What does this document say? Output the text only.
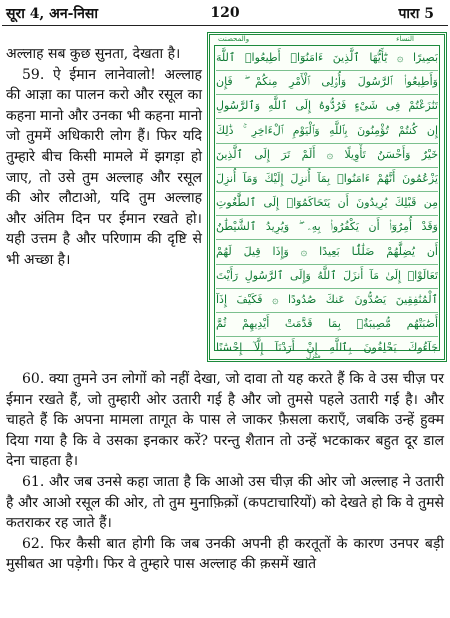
सूरा 4, अन-निसा	120	पारा 5

अल्लाह सब कुछ सुनता, देखता है।

59. ऐ ईमान लानेवालो! अल्लाह की आज्ञा का पालन करो और रसूल का कहना मानो और उनका भी कहना मानो जो तुममें अधिकारी लोग हैं। फिर यदि तुम्हारे बीच किसी मामले में झगड़ा हो जाए, तो उसे तुम अल्लाह और रसूल की ओर लौटाओ, यदि तुम अल्लाह और अंतिम दिन पर ईमान रखते हो। यही उत्तम है और परिणाम की दृष्टि से भी अच्छा है।

النساء
والمحصنت
منزل
بَصِيرًا ۞ يَٰٓأَيُّهَا ٱلَّذِينَ ءَامَنُوٓا۟ أَطِيعُوا۟ ٱللَّهَ
وَأَطِيعُوا۟ ٱلرَّسُولَ وَأُو۟لِى ٱلْأَمْرِ مِنكُمْ ۖ فَإِن
تَنَٰزَعْتُمْ فِى شَىْءٍ فَرُدُّوهُ إِلَى ٱللَّهِ وَٱلرَّسُولِ
إِن كُنتُمْ تُؤْمِنُونَ بِٱللَّهِ وَٱلْيَوْمِ ٱلْءَاخِرِ ۚ ذَٰلِكَ
خَيْرٌ وَأَحْسَنُ تَأْوِيلًا ۞ أَلَمْ تَرَ إِلَى ٱلَّذِينَ
يَزْعُمُونَ أَنَّهُمْ ءَامَنُوا۟ بِمَآ أُنزِلَ إِلَيْكَ وَمَآ أُنزِلَ
مِن قَبْلِكَ يُرِيدُونَ أَن يَتَحَاكَمُوٓا۟ إِلَى ٱلطَّٰغُوتِ
وَقَدْ أُمِرُوٓا۟ أَن يَكْفُرُوا۟ بِهِۦ ۖ وَيُرِيدُ ٱلشَّيْطَٰنُ
أَن يُضِلَّهُمْ ضَلَٰلًۢا بَعِيدًا ۞ وَإِذَا قِيلَ لَهُمْ
تَعَالَوْا۟ إِلَىٰ مَآ أَنزَلَ ٱللَّهُ وَإِلَى ٱلرَّسُولِ رَأَيْتَ
ٱلْمُنَٰفِقِينَ يَصُدُّونَ عَنكَ صُدُودًا ۞ فَكَيْفَ إِذَآ
أَصَٰبَتْهُم مُّصِيبَةٌۢ بِمَا قَدَّمَتْ أَيْدِيهِمْ ثُمَّ
جَآءُوكَ يَحْلِفُونَ بِٱللَّهِ إِنْ أَرَدْنَآ إِلَّآ إِحْسَٰنًا

60. क्या तुमने उन लोगों को नहीं देखा, जो दावा तो यह करते हैं कि वे उस चीज़ पर ईमान रखते हैं, जो तुम्हारी ओर उतारी गई है और जो तुमसे पहले उतारी गई है। और चाहते हैं कि अपना मामला तागूत के पास ले जाकर फ़ैसला कराएँ, जबकि उन्हें हुक्म दिया गया है कि वे उसका इनकार करें? परन्तु शैतान तो उन्हें भटकाकर बहुत दूर डाल देना चाहता है।

61. और जब उनसे कहा जाता है कि आओ उस चीज़ की ओर जो अल्लाह ने उतारी है और आओ रसूल की ओर, तो तुम मुनाफ़िक़ों (कपटाचारियों) को देखते हो कि वे तुमसे कतराकर रह जाते हैं।

62. फिर कैसी बात होगी कि जब उनकी अपनी ही करतूतों के कारण उनपर बड़ी मुसीबत आ पड़ेगी। फिर वे तुम्हारे पास अल्लाह की क़समें खाते
